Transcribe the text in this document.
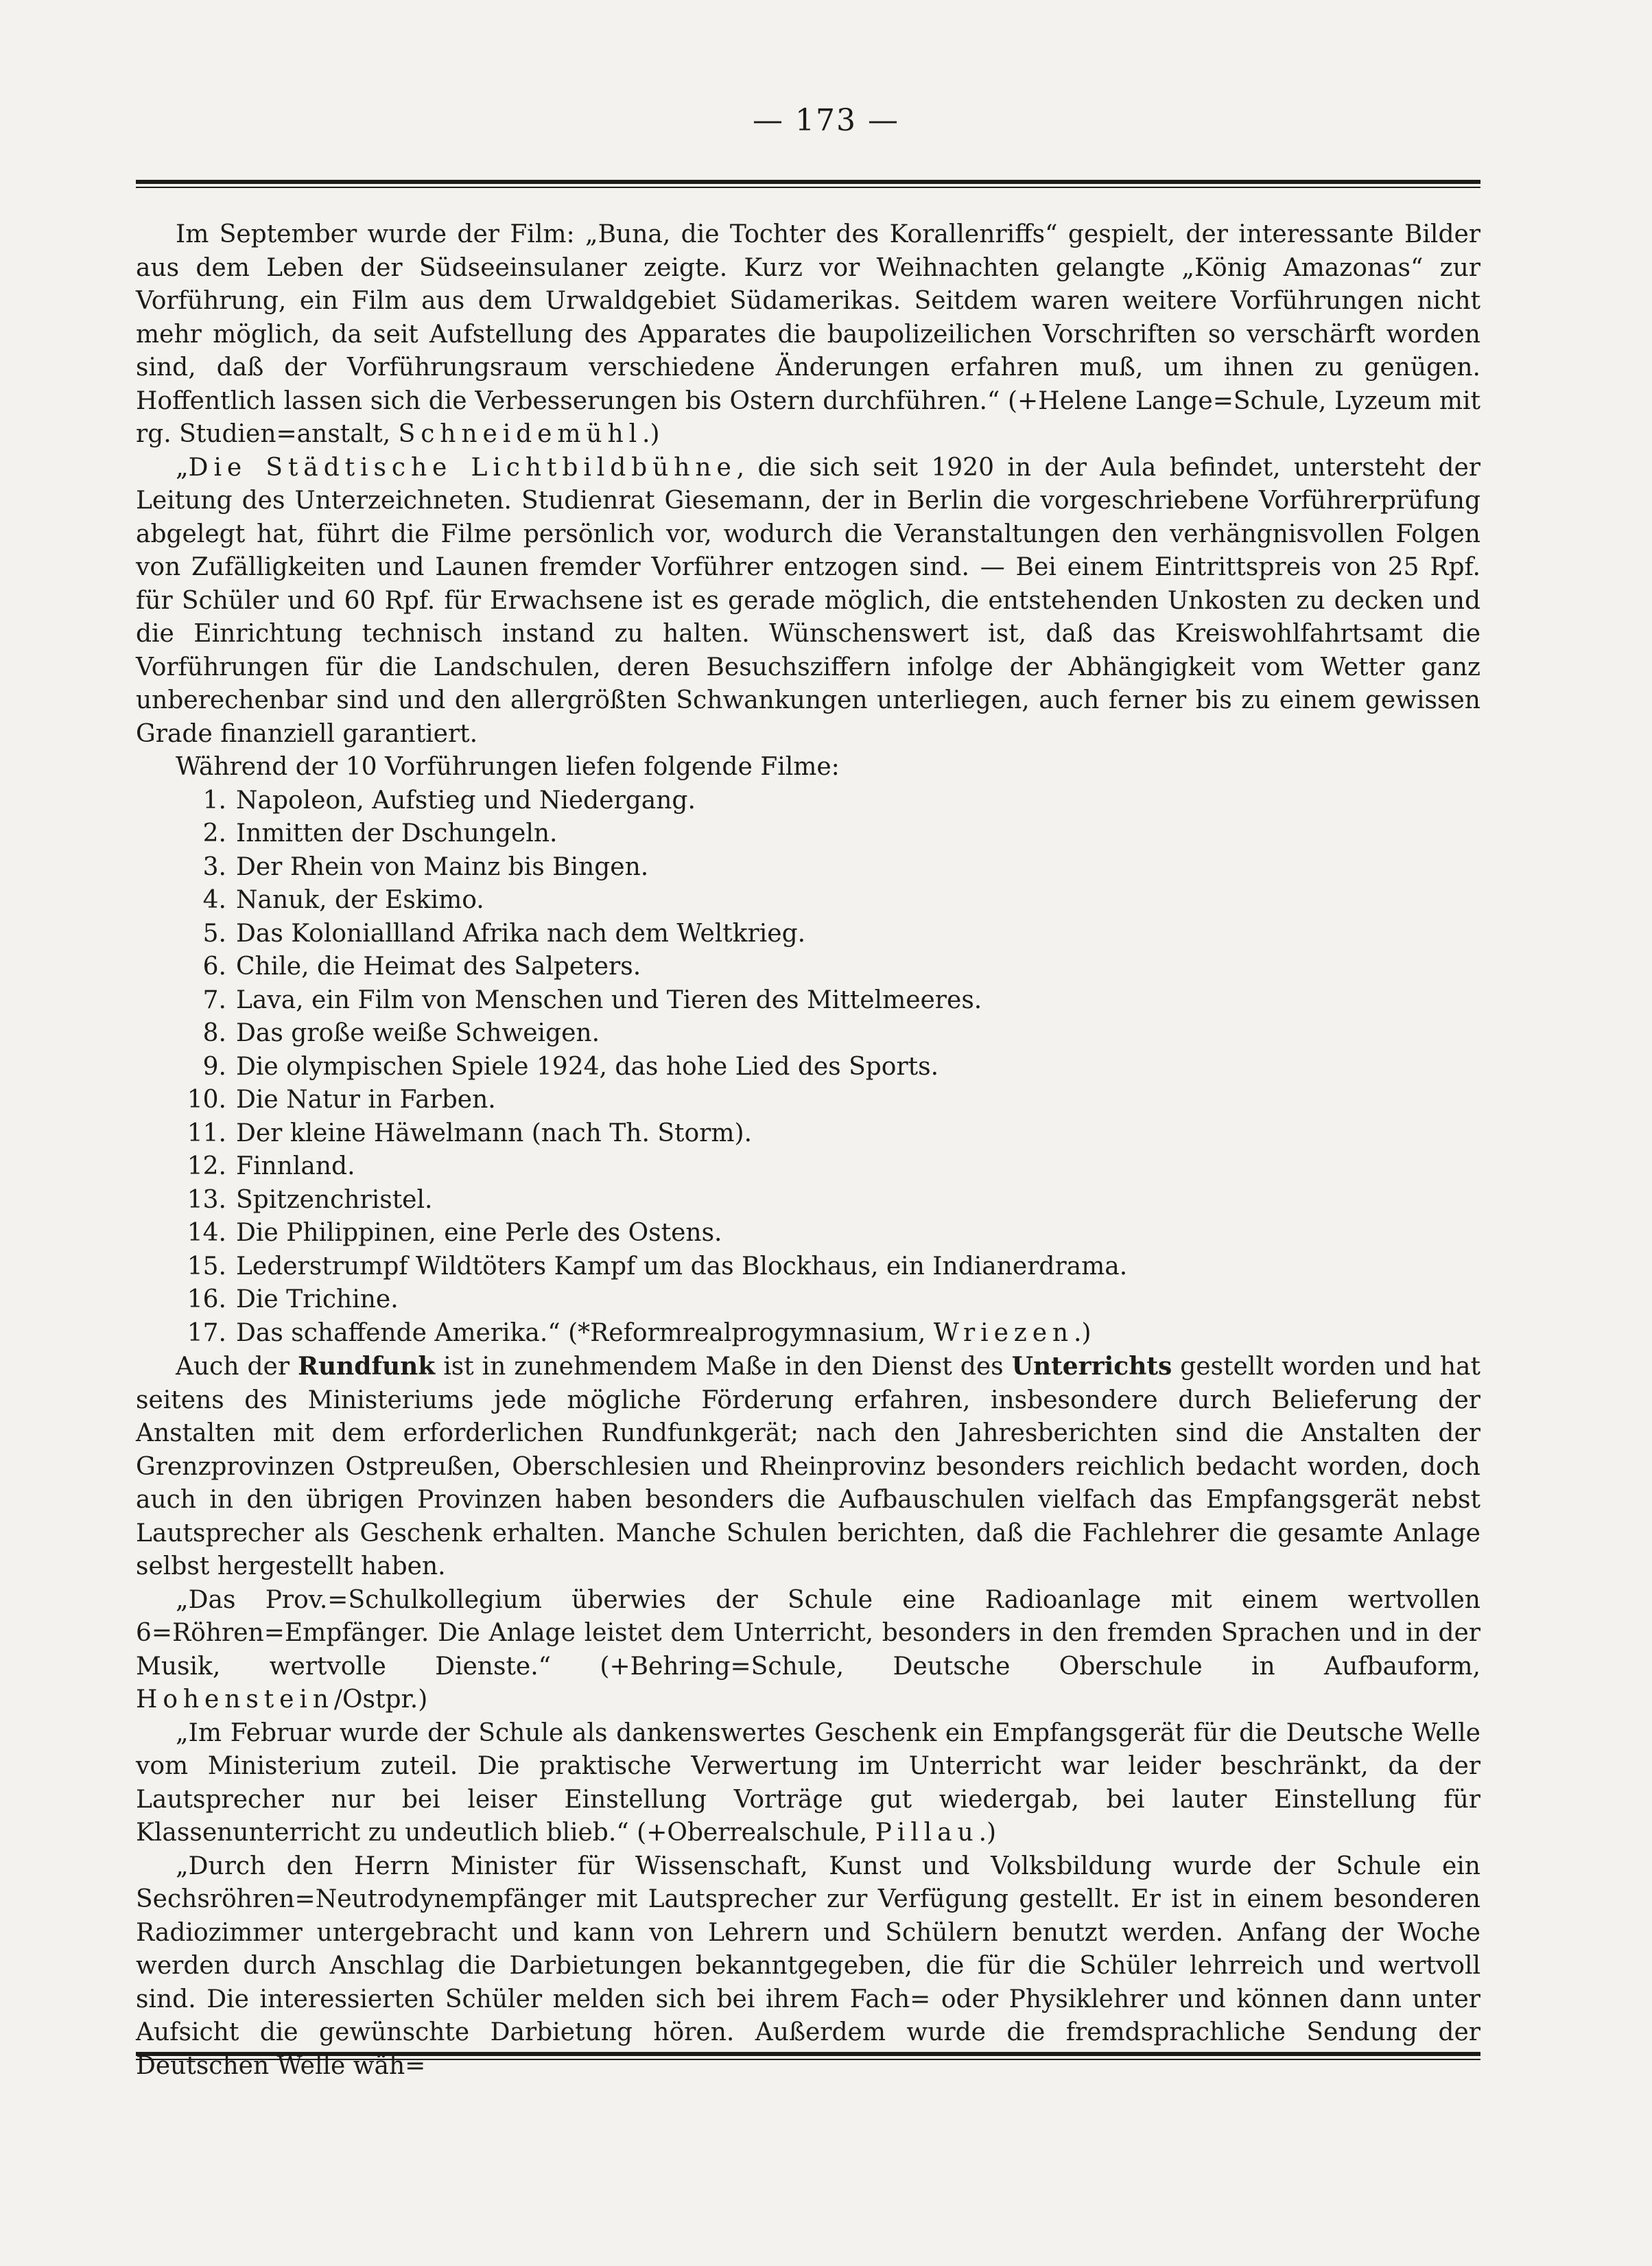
— 173 —

Im September wurde der Film: „Buna, die Tochter des Korallenriffs“ gespielt, der interessante Bilder aus dem Leben der Südseeinsulaner zeigte. Kurz vor Weihnachten gelangte „König Amazonas“ zur Vorführung, ein Film aus dem Urwaldgebiet Südamerikas. Seitdem waren weitere Vorführungen nicht mehr möglich, da seit Aufstellung des Apparates die baupolizeilichen Vorschriften so verschärft worden sind, daß der Vorführungsraum verschiedene Änderungen erfahren muß, um ihnen zu genügen. Hoffentlich lassen sich die Verbesserungen bis Ostern durchführen.“ (+Helene Lange=Schule, Lyzeum mit rg. Studien=anstalt, Schneidemühl.)

„Die Städtische Lichtbildbühne, die sich seit 1920 in der Aula befindet, untersteht der Leitung des Unterzeichneten. Studienrat Giesemann, der in Berlin die vorgeschriebene Vorführerprüfung abgelegt hat, führt die Filme persönlich vor, wodurch die Veranstaltungen den verhängnisvollen Folgen von Zufälligkeiten und Launen fremder Vorführer entzogen sind. — Bei einem Eintrittspreis von 25 Rpf. für Schüler und 60 Rpf. für Erwachsene ist es gerade möglich, die entstehenden Unkosten zu decken und die Einrichtung technisch instand zu halten. Wünschenswert ist, daß das Kreiswohlfahrtsamt die Vorführungen für die Landschulen, deren Besuchsziffern infolge der Abhängigkeit vom Wetter ganz unberechenbar sind und den allergrößten Schwankungen unterliegen, auch ferner bis zu einem gewissen Grade finanziell garantiert.

Während der 10 Vorführungen liefen folgende Filme:

1. Napoleon, Aufstieg und Niedergang.
2. Inmitten der Dschungeln.
3. Der Rhein von Mainz bis Bingen.
4. Nanuk, der Eskimo.
5. Das Koloniallland Afrika nach dem Weltkrieg.
6. Chile, die Heimat des Salpeters.
7. Lava, ein Film von Menschen und Tieren des Mittelmeeres.
8. Das große weiße Schweigen.
9. Die olympischen Spiele 1924, das hohe Lied des Sports.
10. Die Natur in Farben.
11. Der kleine Häwelmann (nach Th. Storm).
12. Finnland.
13. Spitzenchristel.
14. Die Philippinen, eine Perle des Ostens.
15. Lederstrumpf Wildtöters Kampf um das Blockhaus, ein Indianerdrama.
16. Die Trichine.
17. Das schaffende Amerika.“ (*Reformrealprogymnasium, Wriezen.)

Auch der Rundfunk ist in zunehmendem Maße in den Dienst des Unterrichts gestellt worden und hat seitens des Ministeriums jede mögliche Förderung erfahren, insbesondere durch Belieferung der Anstalten mit dem erforderlichen Rundfunkgerät; nach den Jahresberichten sind die Anstalten der Grenzprovinzen Ostpreußen, Oberschlesien und Rheinprovinz besonders reichlich bedacht worden, doch auch in den übrigen Provinzen haben besonders die Aufbauschulen vielfach das Empfangsgerät nebst Lautsprecher als Geschenk erhalten. Manche Schulen berichten, daß die Fachlehrer die gesamte Anlage selbst hergestellt haben.

„Das Prov.=Schulkollegium überwies der Schule eine Radioanlage mit einem wertvollen 6=Röhren=Empfänger. Die Anlage leistet dem Unterricht, besonders in den fremden Sprachen und in der Musik, wertvolle Dienste.“ (+Behring=Schule, Deutsche Oberschule in Aufbauform, Hohenstein/Ostpr.)

„Im Februar wurde der Schule als dankenswertes Geschenk ein Empfangsgerät für die Deutsche Welle vom Ministerium zuteil. Die praktische Verwertung im Unterricht war leider beschränkt, da der Lautsprecher nur bei leiser Einstellung Vorträge gut wiedergab, bei lauter Einstellung für Klassenunterricht zu undeutlich blieb.“ (+Oberrealschule, Pillau.)

„Durch den Herrn Minister für Wissenschaft, Kunst und Volksbildung wurde der Schule ein Sechsröhren=Neutrodynempfänger mit Lautsprecher zur Verfügung gestellt. Er ist in einem besonderen Radiozimmer untergebracht und kann von Lehrern und Schülern benutzt werden. Anfang der Woche werden durch Anschlag die Darbietungen bekanntgegeben, die für die Schüler lehrreich und wertvoll sind. Die interessierten Schüler melden sich bei ihrem Fach= oder Physiklehrer und können dann unter Aufsicht die gewünschte Darbietung hören. Außerdem wurde die fremdsprachliche Sendung der Deutschen Welle wäh=
